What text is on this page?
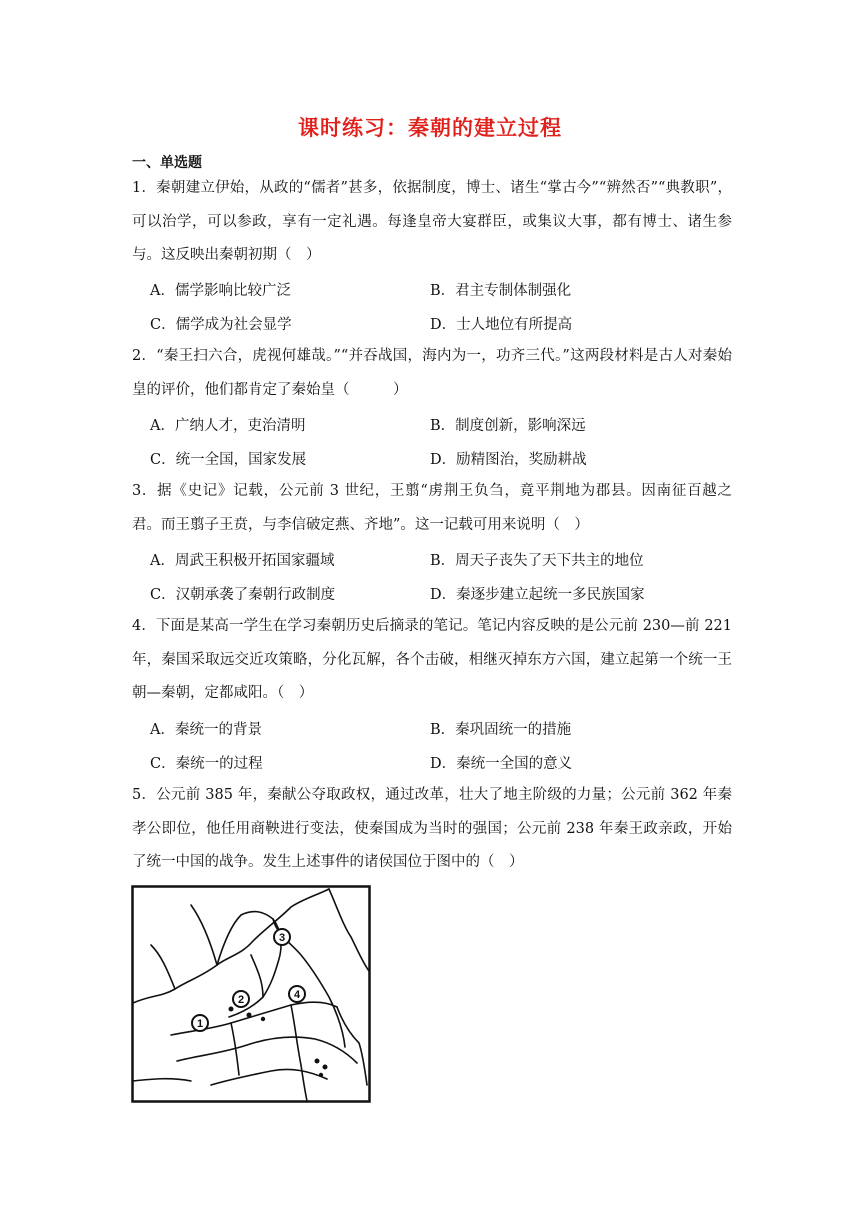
课时练习：秦朝的建立过程
一、单选题

1．秦朝建立伊始，从政的“儒者”甚多，依据制度，博士、诸生“掌古今”“辨然否”“典教职”，可以治学，可以参政，享有一定礼遇。每逢皇帝大宴群臣，或集议大事，都有博士、诸生参与。这反映出秦朝初期（　）

A．儒学影响比较广泛	B．君主专制体制强化
C．儒学成为社会显学	D．士人地位有所提高

2．“秦王扫六合，虎视何雄哉。”“并吞战国，海内为一，功齐三代。”这两段材料是古人对秦始皇的评价，他们都肯定了秦始皇（　　　）

A．广纳人才，吏治清明	B．制度创新，影响深远
C．统一全国，国家发展	D．励精图治，奖励耕战

3．据《史记》记载，公元前 3 世纪，王翦“虏荆王负刍，竟平荆地为郡县。因南征百越之君。而王翦子王贲，与李信破定燕、齐地”。这一记载可用来说明（　）

A．周武王积极开拓国家疆域	B．周天子丧失了天下共主的地位
C．汉朝承袭了秦朝行政制度	D．秦逐步建立起统一多民族国家

4．下面是某高一学生在学习秦朝历史后摘录的笔记。笔记内容反映的是公元前 230—前 221 年，秦国采取远交近攻策略，分化瓦解，各个击破，相继灭掉东方六国，建立起第一个统一王朝—秦朝，定都咸阳。（　）

A．秦统一的背景	B．秦巩固统一的措施
C．秦统一的过程	D．秦统一全国的意义

5．公元前 385 年，秦献公夺取政权，通过改革，壮大了地主阶级的力量；公元前 362 年秦孝公即位，他任用商鞅进行变法，使秦国成为当时的强国；公元前 238 年秦王政亲政，开始了统一中国的战争。发生上述事件的诸侯国位于图中的（　）

1
2
3
4
